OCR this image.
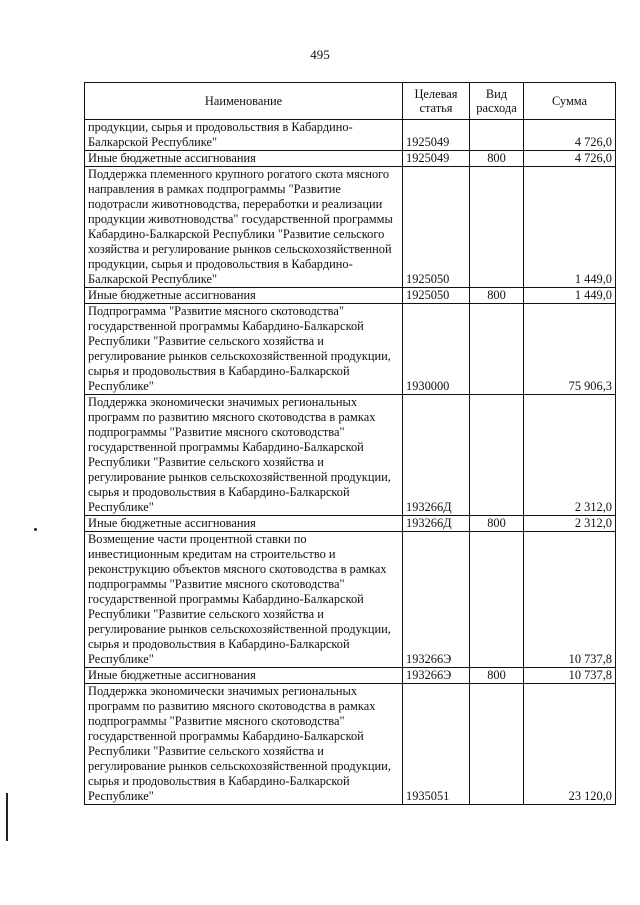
495
Наименование	Целевая статья	Вид расхода	Сумма
продукции, сырья и продовольствия в Кабардино-Балкарской Республике"	1925049		4 726,0
Иные бюджетные ассигнования	1925049	800	4 726,0
Поддержка племенного крупного рогатого скота мясного направления в рамках подпрограммы "Развитие подотрасли животноводства, переработки и реализации продукции животноводства" государственной программы Кабардино-Балкарской Республики "Развитие сельского хозяйства и регулирование рынков сельскохозяйственной продукции, сырья и продовольствия в Кабардино-Балкарской Республике"	1925050		1 449,0
Иные бюджетные ассигнования	1925050	800	1 449,0
Подпрограмма "Развитие мясного скотоводства" государственной программы Кабардино-Балкарской Республики "Развитие сельского хозяйства и регулирование рынков сельскохозяйственной продукции, сырья и продовольствия в Кабардино-Балкарской Республике"	1930000		75 906,3
Поддержка экономически значимых региональных программ по развитию мясного скотоводства в рамках подпрограммы "Развитие мясного скотоводства" государственной программы Кабардино-Балкарской Республики "Развитие сельского хозяйства и регулирование рынков сельскохозяйственной продукции, сырья и продовольствия в Кабардино-Балкарской Республике"	193266Д		2 312,0
Иные бюджетные ассигнования	193266Д	800	2 312,0
Возмещение части процентной ставки по инвестиционным кредитам на строительство и реконструкцию объектов мясного скотоводства в рамках подпрограммы "Развитие мясного скотоводства" государственной программы Кабардино-Балкарской Республики "Развитие сельского хозяйства и регулирование рынков сельскохозяйственной продукции, сырья и продовольствия в Кабардино-Балкарской Республике"	193266Э		10 737,8
Иные бюджетные ассигнования	193266Э	800	10 737,8
Поддержка экономически значимых региональных программ по развитию мясного скотоводства в рамках подпрограммы "Развитие мясного скотоводства" государственной программы Кабардино-Балкарской Республики "Развитие сельского хозяйства и регулирование рынков сельскохозяйственной продукции, сырья и продовольствия в Кабардино-Балкарской Республике"	1935051		23 120,0
